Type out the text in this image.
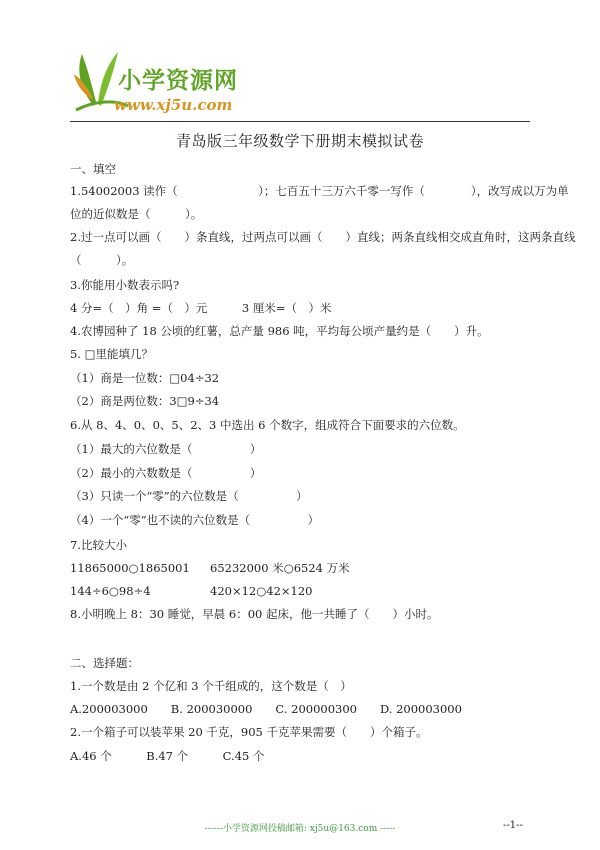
小学资源网
www.xj5u.com
青岛版三年级数学下册期末模拟试卷
一、填空
1.54002003 读作（　　　　　　　）；七百五十三万六千零一写作（　　　　），改写成以万为单
位的近似数是（　　　）。
2.过一点可以画（　　）条直线，过两点可以画（　　）直线；两条直线相交成直角时，这两条直线
（　　　）。
3.你能用小数表示吗?
4 分=（　）角 =（　）元　　　3 厘米=（　）米
4.农博园种了 18 公顷的红薯，总产量 986 吨，平均每公顷产量约是（　　）升。
5. □里能填几？
（1）商是一位数：□04÷32
（2）商是两位数：3□9÷34
6.从 8、4、0、0、5、2、3 中选出 6 个数字，组成符合下面要求的六位数。
（1）最大的六位数是（　　　　　）
（2）最小的六数数是（　　　　　）
（3）只读一个“零”的六位数是（　　　　　）
（4）一个“零”也不读的六位数是（　　　　　）
7.比较大小
11865000○1865001 65232000 米○6524 万米
144÷6○98÷4	420×12○42×120
8.小明晚上 8：30 睡觉，早晨 6：00 起床，他一共睡了（　　）小时。
二、选择题：
1.一个数是由 2 个亿和 3 个千组成的，这个数是（　）
A.200003000　　B. 200030000　　C. 200000300　　D. 200003000
2.一个箱子可以装苹果 20 千克，905 千克苹果需要（　　）个箱子。
A.46 个　　　B.47 个　　　C.45 个
------小学资源网投稿邮箱: xj5u@163.com -----	--1--
